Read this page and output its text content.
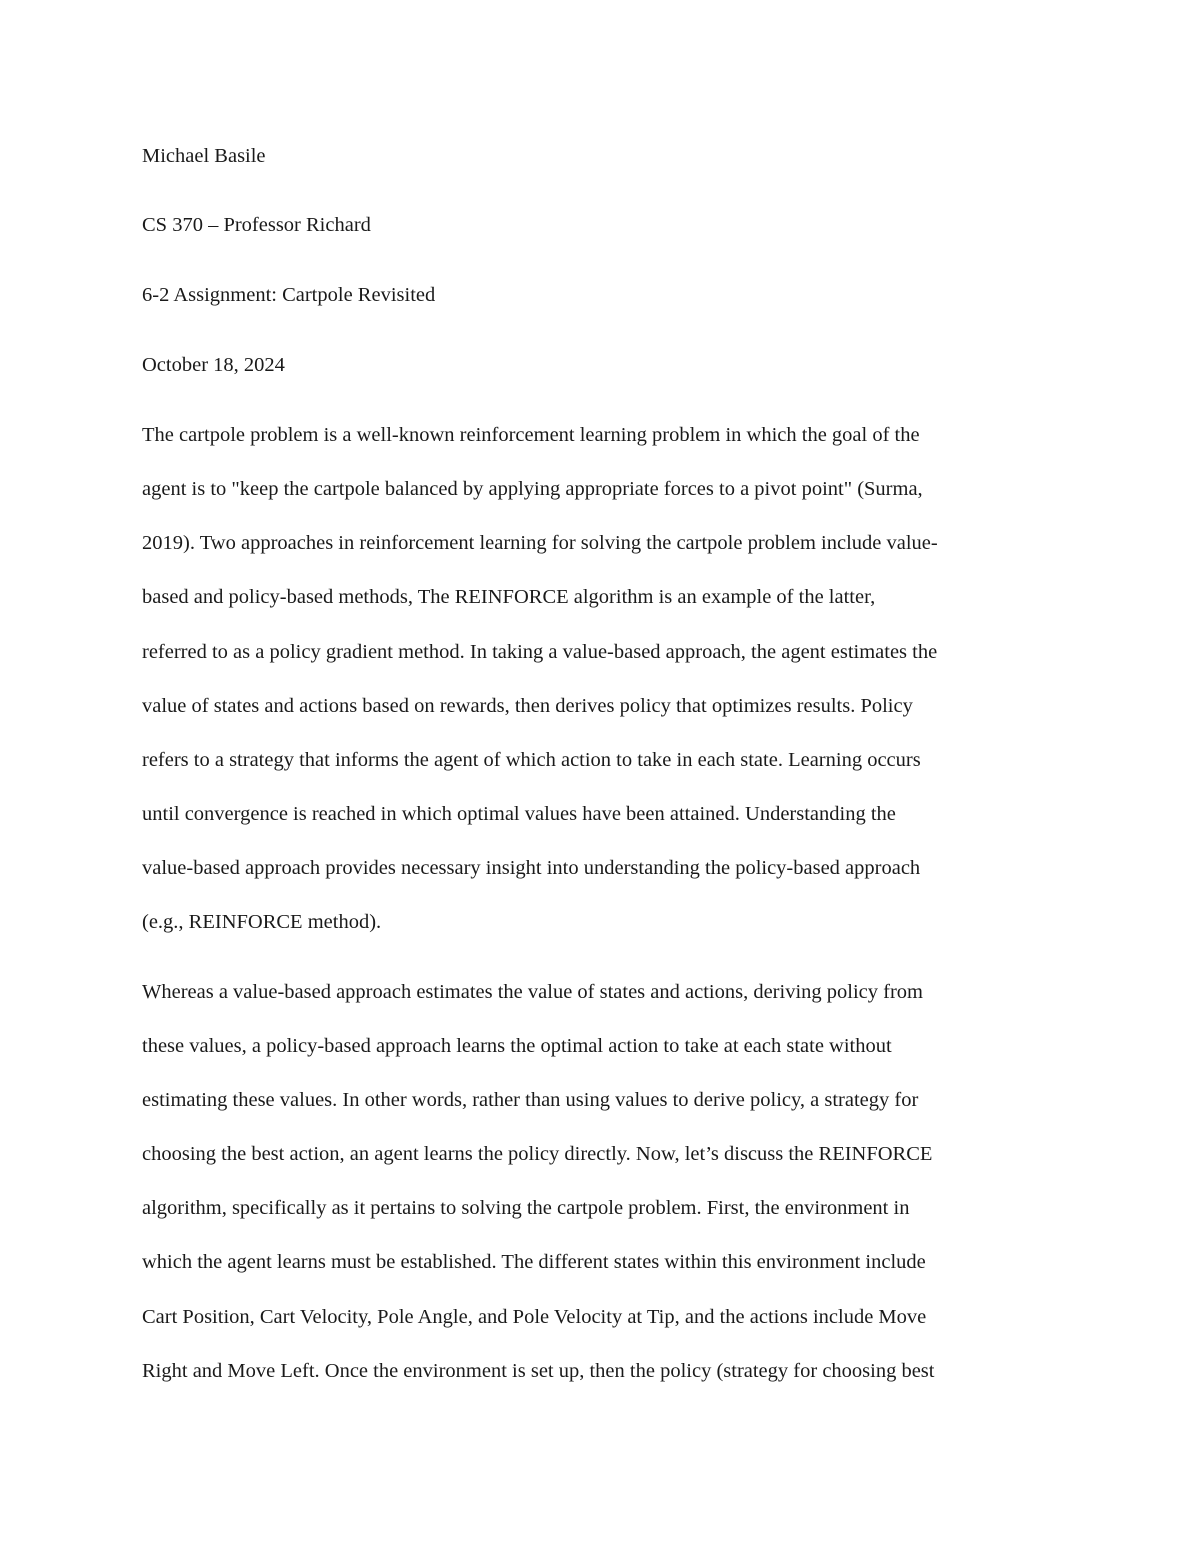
Michael Basile
CS 370 – Professor Richard
6-2 Assignment: Cartpole Revisited
October 18, 2024
The cartpole problem is a well-known reinforcement learning problem in which the goal of the
agent is to "keep the cartpole balanced by applying appropriate forces to a pivot point" (Surma,
2019). Two approaches in reinforcement learning for solving the cartpole problem include value-
based and policy-based methods, The REINFORCE algorithm is an example of the latter,
referred to as a policy gradient method. In taking a value-based approach, the agent estimates the
value of states and actions based on rewards, then derives policy that optimizes results. Policy
refers to a strategy that informs the agent of which action to take in each state. Learning occurs
until convergence is reached in which optimal values have been attained. Understanding the
value-based approach provides necessary insight into understanding the policy-based approach
(e.g., REINFORCE method).
Whereas a value-based approach estimates the value of states and actions, deriving policy from
these values, a policy-based approach learns the optimal action to take at each state without
estimating these values. In other words, rather than using values to derive policy, a strategy for
choosing the best action, an agent learns the policy directly. Now, let’s discuss the REINFORCE
algorithm, specifically as it pertains to solving the cartpole problem. First, the environment in
which the agent learns must be established. The different states within this environment include
Cart Position, Cart Velocity, Pole Angle, and Pole Velocity at Tip, and the actions include Move
Right and Move Left. Once the environment is set up, then the policy (strategy for choosing best
